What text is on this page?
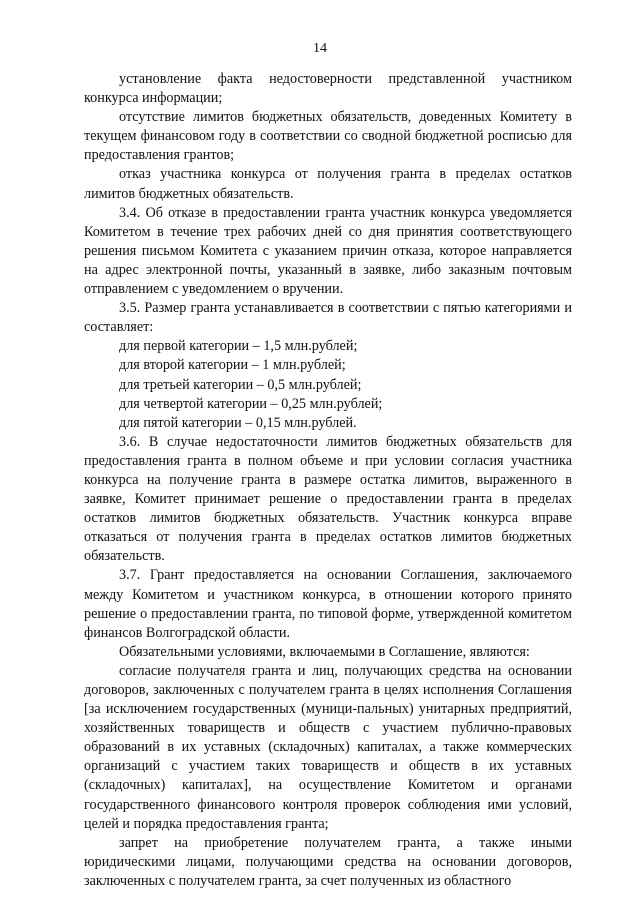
14

установление факта недостоверности представленной участником конкурса информации;

отсутствие лимитов бюджетных обязательств, доведенных Комитету в текущем финансовом году в соответствии со сводной бюджетной росписью для предоставления грантов;

отказ участника конкурса от получения гранта в пределах остатков лимитов бюджетных обязательств.

3.4. Об отказе в предоставлении гранта участник конкурса уведомляется Комитетом в течение трех рабочих дней со дня принятия соответствующего решения письмом Комитета с указанием причин отказа, которое направляется на адрес электронной почты, указанный в заявке, либо заказным почтовым отправлением с уведомлением о вручении.

3.5. Размер гранта устанавливается в соответствии с пятью категориями и составляет:

для первой категории – 1,5 млн.рублей;

для второй категории – 1 млн.рублей;

для третьей категории – 0,5 млн.рублей;

для четвертой категории – 0,25 млн.рублей;

для пятой категории – 0,15 млн.рублей.

3.6. В случае недостаточности лимитов бюджетных обязательств для предоставления гранта в полном объеме и при условии согласия участника конкурса на получение гранта в размере остатка лимитов, выраженного в заявке, Комитет принимает решение о предоставлении гранта в пределах остатков лимитов бюджетных обязательств. Участник конкурса вправе отказаться от получения гранта в пределах остатков лимитов бюджетных обязательств.

3.7. Грант предоставляется на основании Соглашения, заключаемого между Комитетом и участником конкурса, в отношении которого принято решение о предоставлении гранта, по типовой форме, утвержденной комитетом финансов Волгоградской области.

Обязательными условиями, включаемыми в Соглашение, являются:

согласие получателя гранта и лиц, получающих средства на основании договоров, заключенных с получателем гранта в целях исполнения Соглашения [за исключением государственных (муници-пальных) унитарных предприятий, хозяйственных товариществ и обществ с участием публично-правовых образований в их уставных (складочных) капиталах, а также коммерческих организаций с участием таких товариществ и обществ в их уставных (складочных) капиталах], на осуществление Комитетом и органами государственного финансового контроля проверок соблюдения ими условий, целей и порядка предоставления гранта;

запрет на приобретение получателем гранта, а также иными юридическими лицами, получающими средства на основании договоров, заключенных с получателем гранта, за счет полученных из областного
